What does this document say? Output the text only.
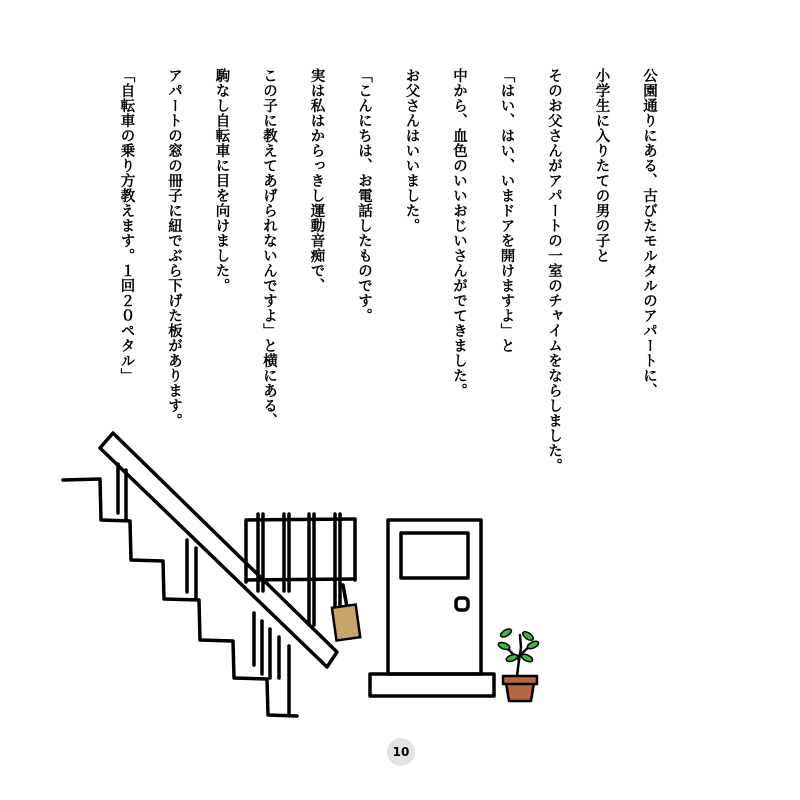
公園通りにある、古びたモルタルのアパートに、
小学生に入りたての男の子と
そのお父さんがアパートの一室のチャイムをならしました。
「はい、はい、いまドアを開けますよ」と
中から、血色のいいおじいさんがでてきました。
お父さんはいいました。
「こんにちは、お電話したものです。
実は私はからっきし運動音痴で、
この子に教えてあげられないんですよ」と横にある、
駒なし自転車に目を向けました。
アパートの窓の冊子に紐でぶら下げた板があります。
「自転車の乗り方教えます。１回２０ペタル」
10
